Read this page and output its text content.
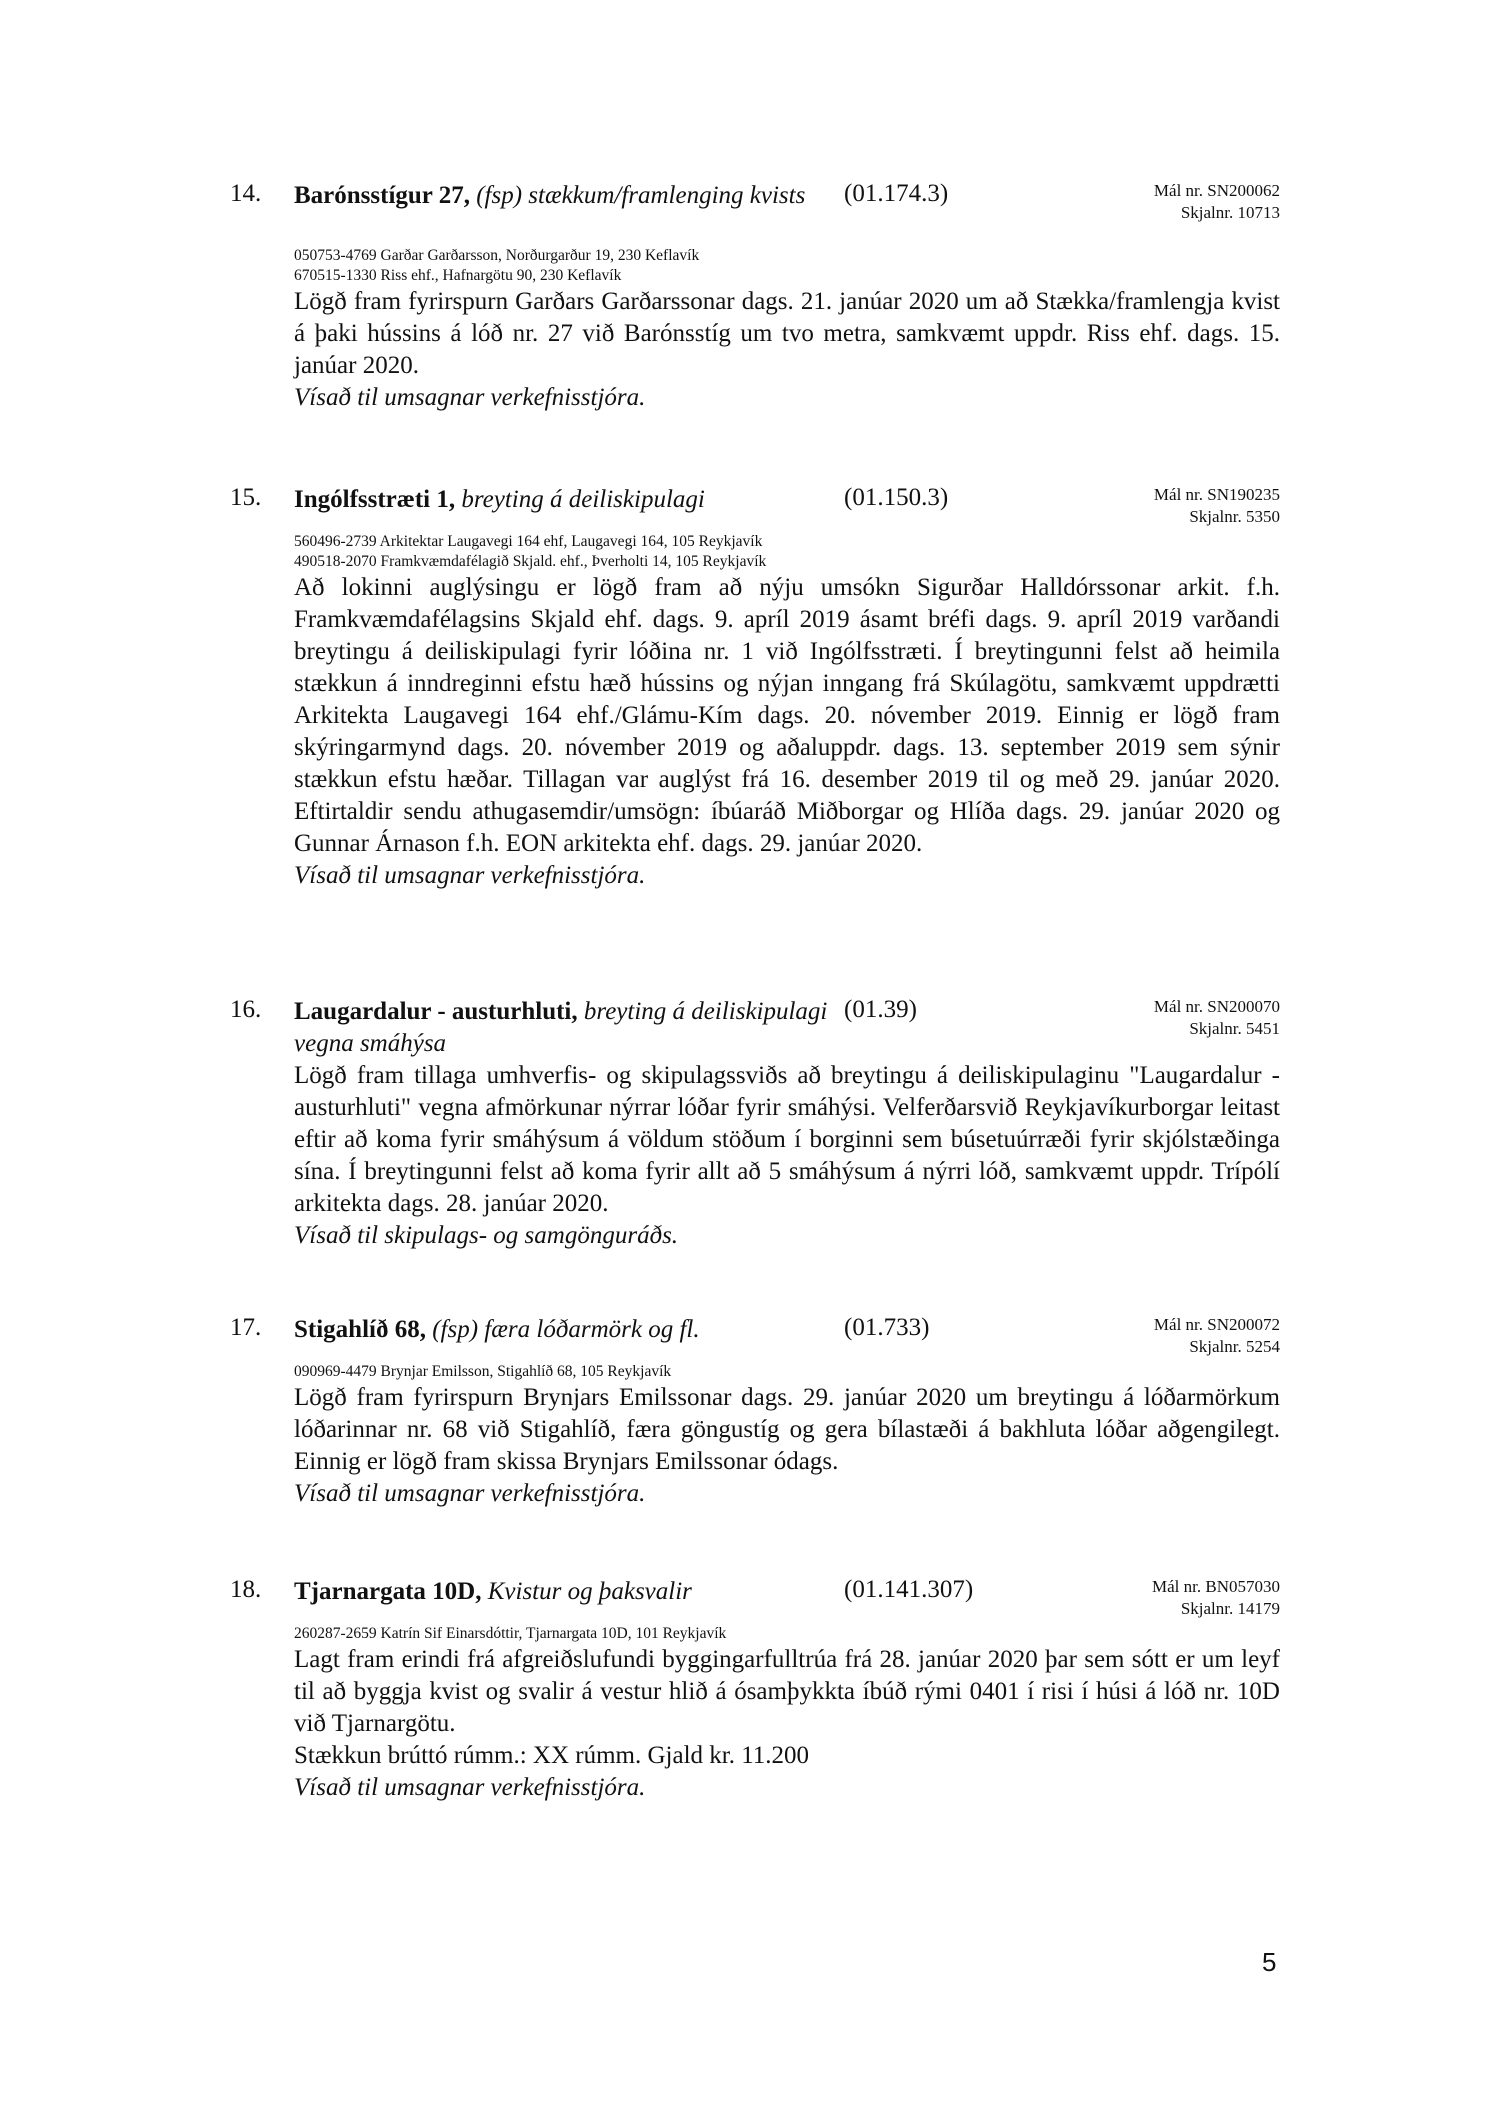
14. Barónsstígur 27, (fsp) stækkum/framlenging kvists	(01.174.3)	Mál nr. SN200062
Skjalnr. 10713
050753-4769 Garðar Garðarsson, Norðurgarður 19, 230 Keflavík
670515-1330 Riss ehf., Hafnargötu 90, 230 Keflavík

Lögð fram fyrirspurn Garðars Garðarssonar dags. 21. janúar 2020 um að Stækka/framlengja kvist á þaki hússins á lóð nr. 27 við Barónsstíg um tvo metra, samkvæmt uppdr. Riss ehf. dags. 15. janúar 2020.

Vísað til umsagnar verkefnisstjóra.
15. Ingólfsstræti 1, breyting á deiliskipulagi	(01.150.3)	Mál nr. SN190235
Skjalnr. 5350
560496-2739 Arkitektar Laugavegi 164 ehf, Laugavegi 164, 105 Reykjavík
490518-2070 Framkvæmdafélagið Skjald. ehf., Þverholti 14, 105 Reykjavík

Að lokinni auglýsingu er lögð fram að nýju umsókn Sigurðar Halldórssonar arkit. f.h. Framkvæmdafélagsins Skjald ehf. dags. 9. apríl 2019 ásamt bréfi dags. 9. apríl 2019 varðandi breytingu á deiliskipulagi fyrir lóðina nr. 1 við Ingólfsstræti. Í breytingunni felst að heimila stækkun á inndreginni efstu hæð hússins og nýjan inngang frá Skúlagötu, samkvæmt uppdrætti Arkitekta Laugavegi 164 ehf./Glámu-Kím dags. 20. nóvember 2019. Einnig er lögð fram skýringarmynd dags. 20. nóvember 2019 og aðaluppdr. dags. 13. september 2019 sem sýnir stækkun efstu hæðar. Tillagan var auglýst frá 16. desember 2019 til og með 29. janúar 2020. Eftirtaldir sendu athugasemdir/umsögn: íbúaráð Miðborgar og Hlíða dags. 29. janúar 2020 og Gunnar Árnason f.h. EON arkitekta ehf. dags. 29. janúar 2020.

Vísað til umsagnar verkefnisstjóra.
16. Laugardalur - austurhluti, breyting á deiliskipulagi vegna smáhýsa
(01.39)	Mál nr. SN200070
Skjalnr. 5451

Lögð fram tillaga umhverfis- og skipulagssviðs að breytingu á deiliskipulaginu "Laugardalur - austurhluti" vegna afmörkunar nýrrar lóðar fyrir smáhýsi. Velferðarsvið Reykjavíkurborgar leitast eftir að koma fyrir smáhýsum á völdum stöðum í borginni sem búsetuúrræði fyrir skjólstæðinga sína. Í breytingunni felst að koma fyrir allt að 5 smáhýsum á nýrri lóð, samkvæmt uppdr. Trípólí arkitekta dags. 28. janúar 2020.

Vísað til skipulags- og samgönguráðs.
17. Stigahlíð 68, (fsp) færa lóðarmörk og fl.	(01.733)	Mál nr. SN200072
Skjalnr. 5254
090969-4479 Brynjar Emilsson, Stigahlíð 68, 105 Reykjavík

Lögð fram fyrirspurn Brynjars Emilssonar dags. 29. janúar 2020 um breytingu á lóðarmörkum lóðarinnar nr. 68 við Stigahlíð, færa göngustíg og gera bílastæði á bakhluta lóðar aðgengilegt. Einnig er lögð fram skissa Brynjars Emilssonar ódags.

Vísað til umsagnar verkefnisstjóra.
18. Tjarnargata 10D, Kvistur og þaksvalir	(01.141.307)	Mál nr. BN057030
Skjalnr. 14179
260287-2659 Katrín Sif Einarsdóttir, Tjarnargata 10D, 101 Reykjavík

Lagt fram erindi frá afgreiðslufundi byggingarfulltrúa frá 28. janúar 2020 þar sem sótt er um leyf til að byggja kvist og svalir á vestur hlið á ósamþykkta íbúð rými 0401 í risi í húsi á lóð nr. 10D við Tjarnargötu.

Stækkun brúttó rúmm.: XX rúmm. Gjald kr. 11.200

Vísað til umsagnar verkefnisstjóra.
5
